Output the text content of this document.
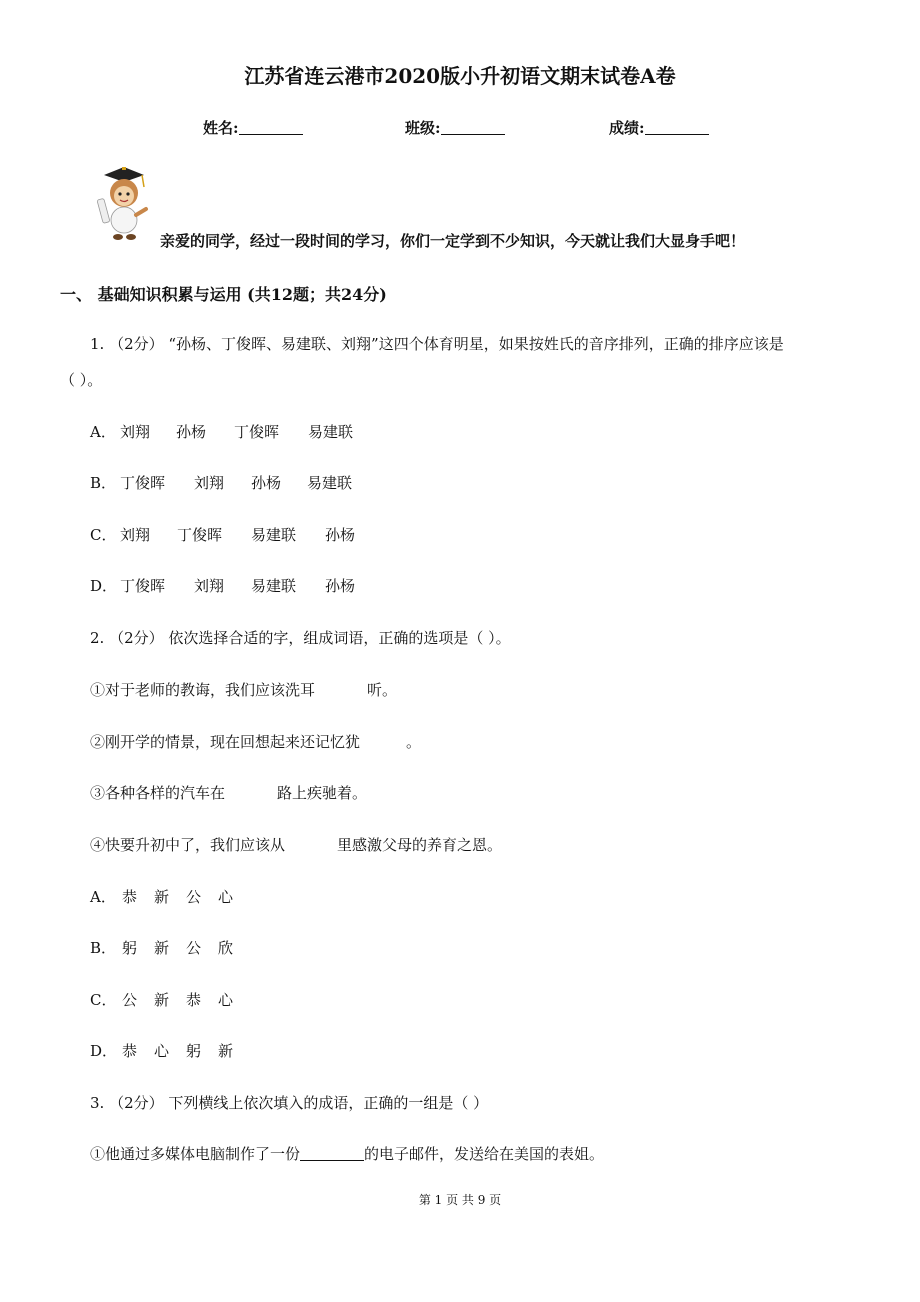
江苏省连云港市2020版小升初语文期末试卷A卷
姓名:	班级:	成绩:
亲爱的同学，经过一段时间的学习，你们一定学到不少知识，今天就让我们大显身手吧！
一、 基础知识积累与运用 (共12题；共24分)
1. （2分） “孙杨、丁俊晖、易建联、刘翔”这四个体育明星，如果按姓氏的音序排列，正确的排序应该是
（ ）。
A． 刘翔 孙杨 丁俊晖 易建联
B． 丁俊晖 刘翔 孙杨 易建联
C． 刘翔 丁俊晖 易建联 孙杨
D． 丁俊晖 刘翔 易建联 孙杨
2. （2分） 依次选择合适的字，组成词语，正确的选项是（ ）。
①对于老师的教诲，我们应该洗耳	听。
②刚开学的情景，现在回想起来还记忆犹	。
③各种各样的汽车在	路上疾驰着。
④快要升初中了，我们应该从	里感激父母的养育之恩。
A． 恭 新 公 心
B． 躬 新 公 欣
C． 公 新 恭 心
D． 恭 心 躬 新
3. （2分） 下列横线上依次填入的成语，正确的一组是（ ）
①他通过多媒体电脑制作了一份	的电子邮件，发送给在美国的表姐。
第 1 页 共 9 页
